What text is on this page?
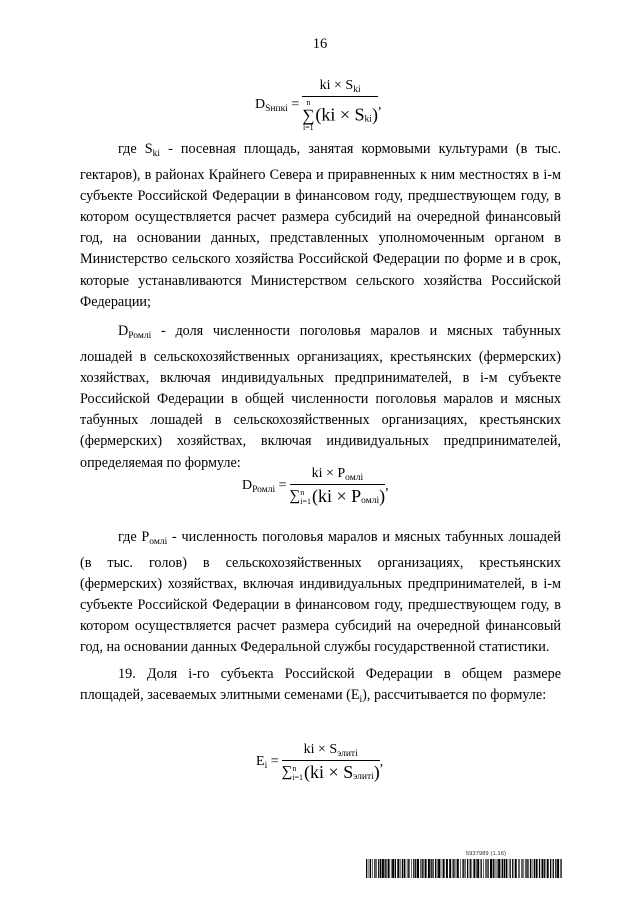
16
$D_{Sнпкi}$ = ki × $S_{ki}$
n
∑
i=1
$(ki \times S_{ki})$ ,

где $S_{ki}$ - посевная площадь, занятая кормовыми культурами (в тыс. гектаров), в районах Крайнего Севера и приравненных к ним местностях в i-м субъекте Российской Федерации в финансовом году, предшествующем году, в котором осуществляется расчет размера субсидий на очередной финансовый год, на основании данных, представленных уполномоченным органом в Министерство сельского хозяйства Российской Федерации по форме и в срок, которые устанавливаются Министерством сельского хозяйства Российской Федерации;

$D_{Ромлi}$ - доля численности поголовья маралов и мясных табунных лошадей в сельскохозяйственных организациях, крестьянских (фермерских) хозяйствах, включая индивидуальных предпринимателей, в i-м субъекте Российской Федерации в общей численности поголовья маралов и мясных табунных лошадей в сельскохозяйственных организациях, крестьянских (фермерских) хозяйствах, включая индивидуальных предпринимателей, определяемая по формуле:

$D_{Ромлi}$ =
ki × $P_{омлi}$
∑n
$i=1(ki \times P_{омлi})$ ,

где $P_{омлi}$ - численность поголовья маралов и мясных табунных лошадей (в тыс. голов) в сельскохозяйственных организациях, крестьянских (фермерских) хозяйствах, включая индивидуальных предпринимателей, в i-м субъекте Российской Федерации в финансовом году, предшествующем году, в котором осуществляется расчет размера субсидий на очередной финансовый год, на основании данных Федеральной службы государственной статистики.

19. Доля i-го субъекта Российской Федерации в общем размере площадей, засеваемых элитными семенами $(E_i)$, рассчитывается по формуле:

$E_i$ =
ki × $S_{элитi}$
∑n
$i=1(ki \times S_{элитi})$ ,
5937989 (1.16)
